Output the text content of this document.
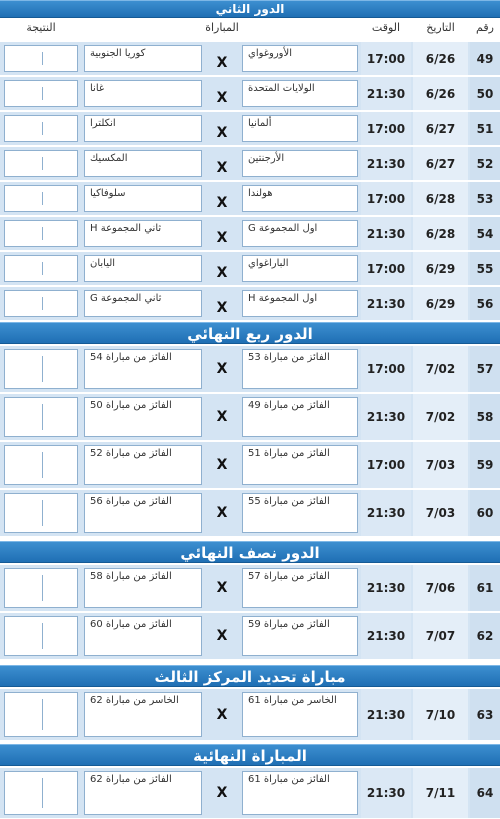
الدور الثاني
رقم
التاريخ
الوقت
المباراة
النتيجة
49
6/26
17:00
الأوروغواي
X
كوريا الجنوبية
50
6/26
21:30
الولايات المتحدة
X
غانا
51
6/27
17:00
ألمانيا
X
انكلترا
52
6/27
21:30
الأرجنتين
X
المكسيك
53
6/28
17:00
هولندا
X
سلوفاكيا
54
6/28
21:30
اول المجموعة G
X
ثاني المجموعة H
55
6/29
17:00
الباراغواي
X
اليابان
56
6/29
21:30
اول المجموعة H
X
ثاني المجموعة G
الدور ربع النهائي
57
7/02
17:00
الفائز من مباراة 53
X
الفائز من مباراة 54
58
7/02
21:30
الفائز من مباراة 49
X
الفائز من مباراة 50
59
7/03
17:00
الفائز من مباراة 51
X
الفائز من مباراة 52
60
7/03
21:30
الفائز من مباراة 55
X
الفائز من مباراة 56
الدور نصف النهائي
61
7/06
21:30
الفائز من مباراة 57
X
الفائز من مباراة 58
62
7/07
21:30
الفائز من مباراة 59
X
الفائز من مباراة 60
مباراة تحديد المركز الثالث
63
7/10
21:30
الخاسر من مباراة 61
X
الخاسر من مباراة 62
المباراة النهائية
64
7/11
21:30
الفائز من مباراة 61
X
الفائز من مباراة 62
